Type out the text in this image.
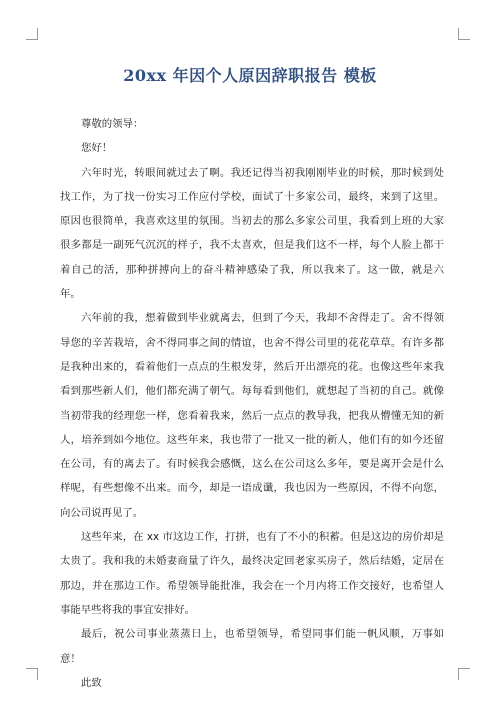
20xx 年因个人原因辞职报告 模板

尊敬的领导：

您好！

六年时光，转眼间就过去了啊。我还记得当初我刚刚毕业的时候，那时候到处找工作，为了找一份实习工作应付学校，面试了十多家公司，最终，来到了这里。原因也很简单，我喜欢这里的氛围。当初去的那么多家公司里，我看到上班的大家很多都是一副死气沉沉的样子，我不太喜欢，但是我们这不一样，每个人脸上都干着自己的活，那种拼搏向上的奋斗精神感染了我，所以我来了。这一做，就是六年。

六年前的我，想着做到毕业就离去，但到了今天，我却不舍得走了。舍不得领导您的辛苦栽培，舍不得同事之间的情谊，也舍不得公司里的花花草草。有许多都是我种出来的，看着他们一点点的生根发芽，然后开出漂亮的花。也像这些年来我看到那些新人们，他们都充满了朝气。每每看到他们，就想起了当初的自己。就像当初带我的经理您一样，您看着我来，然后一点点的教导我，把我从懵懂无知的新人，培养到如今地位。这些年来，我也带了一批又一批的新人，他们有的如今还留在公司，有的离去了。有时候我会感慨，这么在公司这么多年，要是离开会是什么样呢，有些想像不出来。而今，却是一语成谶，我也因为一些原因，不得不向您，向公司说再见了。

这些年来，在 xx 市这边工作，打拼，也有了不小的积蓄。但是这边的房价却是太贵了。我和我的未婚妻商量了许久，最终决定回老家买房子，然后结婚，定居在那边，并在那边工作。希望领导能批准，我会在一个月内将工作交接好，也希望人事能早些将我的事宜安排好。

最后，祝公司事业蒸蒸日上，也希望领导，希望同事们能一帆风顺，万事如意！

此致
